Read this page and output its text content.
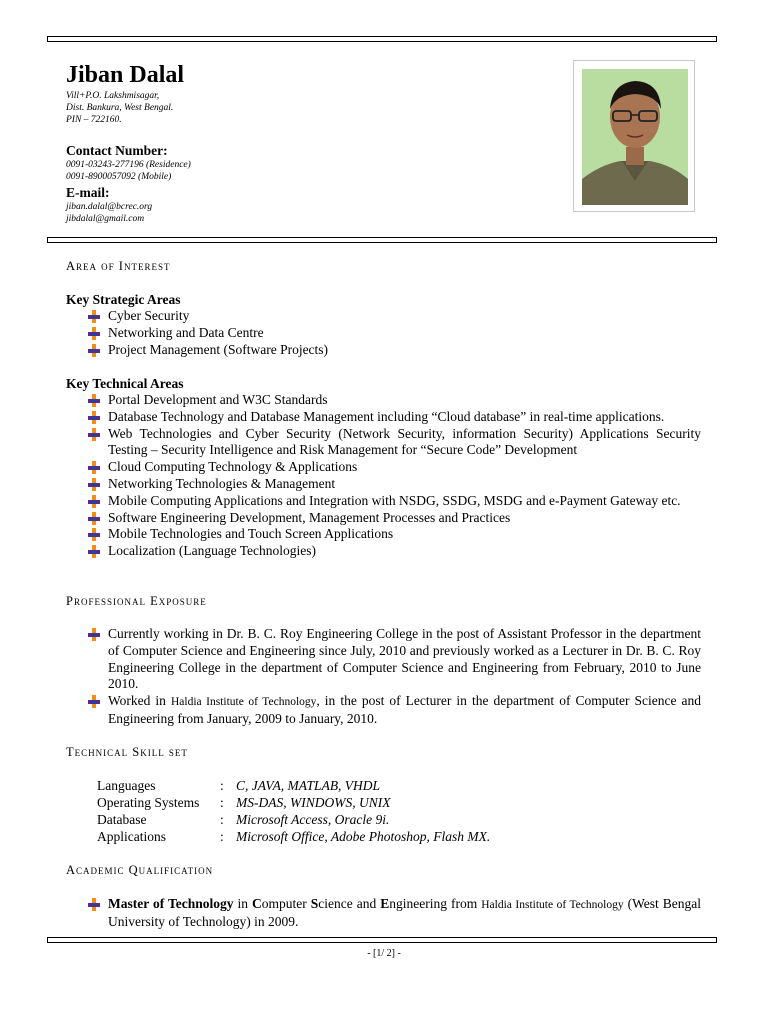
Jiban Dalal
Vill+P.O. Lakshmisagar,
Dist. Bankura, West Bengal.
PIN – 722160.
Contact Number:
0091-03243-277196 (Residence)
0091-8900057092 (Mobile)
E-mail:
jiban.dalal@bcrec.org
jibdalal@gmail.com
Area of Interest
Key Strategic Areas
Cyber Security
Networking and Data Centre
Project Management (Software Projects)
Key Technical Areas
Portal Development and W3C Standards
Database Technology and Database Management including “Cloud database” in real-time applications.
Web Technologies and Cyber Security (Network Security, information Security) Applications Security Testing – Security Intelligence and Risk Management for “Secure Code” Development
Cloud Computing Technology & Applications
Networking Technologies & Management
Mobile Computing Applications and Integration with NSDG, SSDG, MSDG and e-Payment Gateway etc.
Software Engineering Development, Management Processes and Practices
Mobile Technologies and Touch Screen Applications
Localization (Language Technologies)
Professional Exposure
Currently working in Dr. B. C. Roy Engineering College in the post of Assistant Professor in the department of Computer Science and Engineering since July, 2010 and previously worked as a Lecturer in Dr. B. C. Roy Engineering College in the department of Computer Science and Engineering from February, 2010 to June 2010.
Worked in Haldia Institute of Technology, in the post of Lecturer in the department of Computer Science and Engineering from January, 2009 to January, 2010.
Technical Skill set
Languages	:	C, JAVA, MATLAB, VHDL
Operating Systems	:	MS-DAS, WINDOWS, UNIX
Database	:	Microsoft Access, Oracle 9i.
Applications	:	Microsoft Office, Adobe Photoshop, Flash MX.
Academic Qualification
Master of Technology in Computer Science and Engineering from Haldia Institute of Technology (West Bengal University of Technology) in 2009.
- [1/ 2] -
